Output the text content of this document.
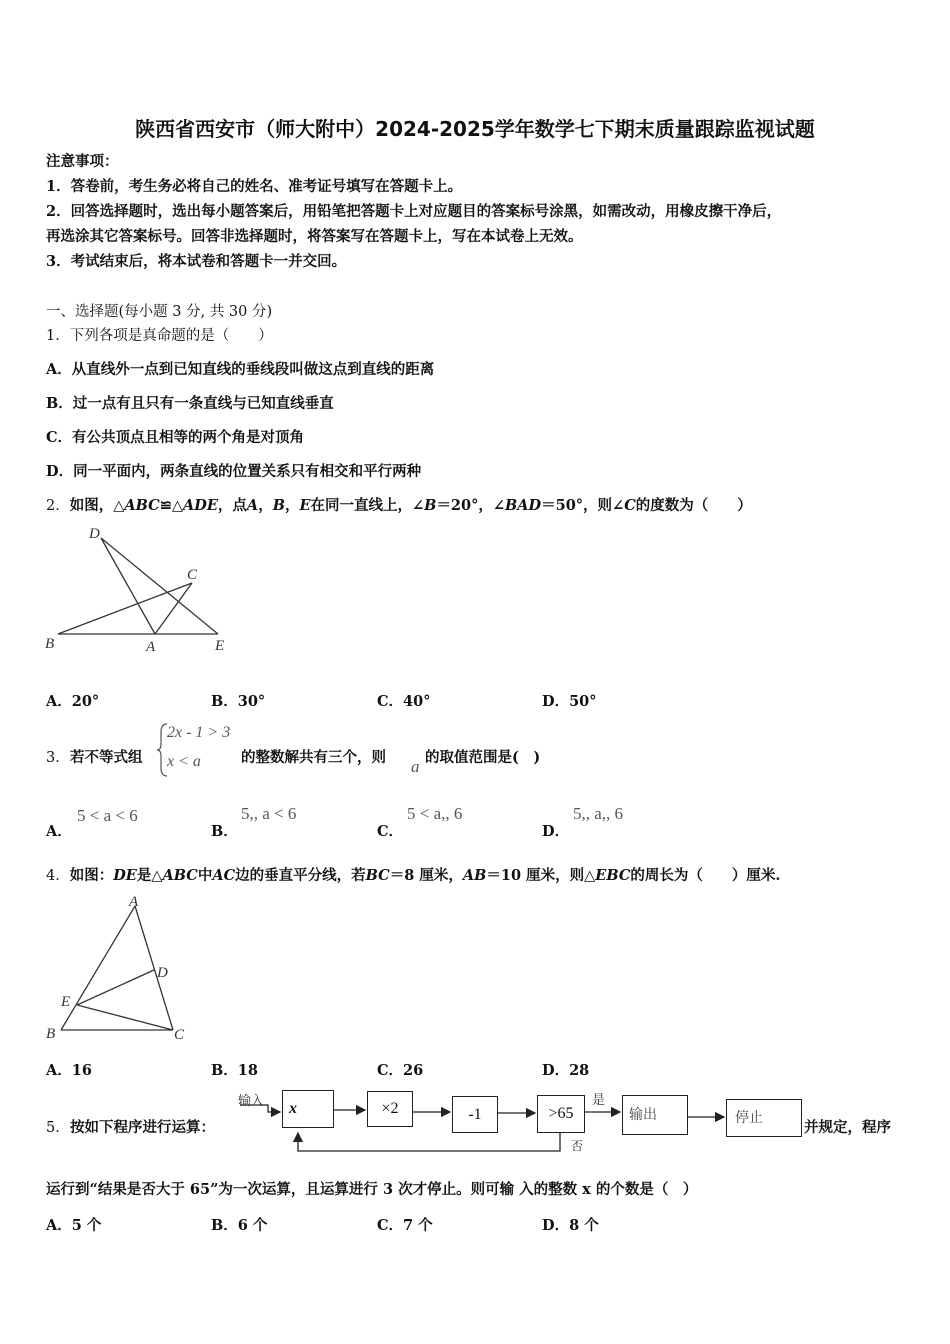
陕西省西安市（师大附中）2024-2025学年数学七下期末质量跟踪监视试题
注意事项：
1．答卷前，考生务必将自己的姓名、准考证号填写在答题卡上。
2．回答选择题时，选出每小题答案后，用铅笔把答题卡上对应题目的答案标号涂黑，如需改动，用橡皮擦干净后，
再选涂其它答案标号。回答非选择题时，将答案写在答题卡上，写在本试卷上无效。
3．考试结束后，将本试卷和答题卡一并交回。
一、选择题(每小题 3 分, 共 30 分)
1．下列各项是真命题的是（　　）
A．从直线外一点到已知直线的垂线段叫做这点到直线的距离
B．过一点有且只有一条直线与已知直线垂直
C．有公共顶点且相等的两个角是对顶角
D．同一平面内，两条直线的位置关系只有相交和平行两种
2．如图，△ABC≌△ADE，点A，B，E在同一直线上，∠B＝20°，∠BAD＝50°，则∠C的度数为（　　）
D
C
B	A	E
A．20°	B．30°	C．40°	D．50°
3． 若不等式组
2x - 1 > 3
x < a	的整数解共有三个，则 a 的取值范围是(　)
A．
5 < a < 6
B．
5,, a < 6
C．
5 < a,, 6
D．
5,, a,, 6
4．如图：DE是△ABC中AC边的垂直平分线，若BC＝8 厘米，AB＝10 厘米，则△EBC的周长为（　　）厘米.
A
D
E
B	C
A．16	B．18	C．26	D．28
5． 按如下程序进行运算：
输入	x	×2	-1	>65
是
否
输出	停止
并规定，程序
运行到“结果是否大于 65”为一次运算，且运算进行 3 次才停止。则可输 入的整数 x 的个数是（　）
A．5 个	B．6 个	C．7 个	D．8 个
